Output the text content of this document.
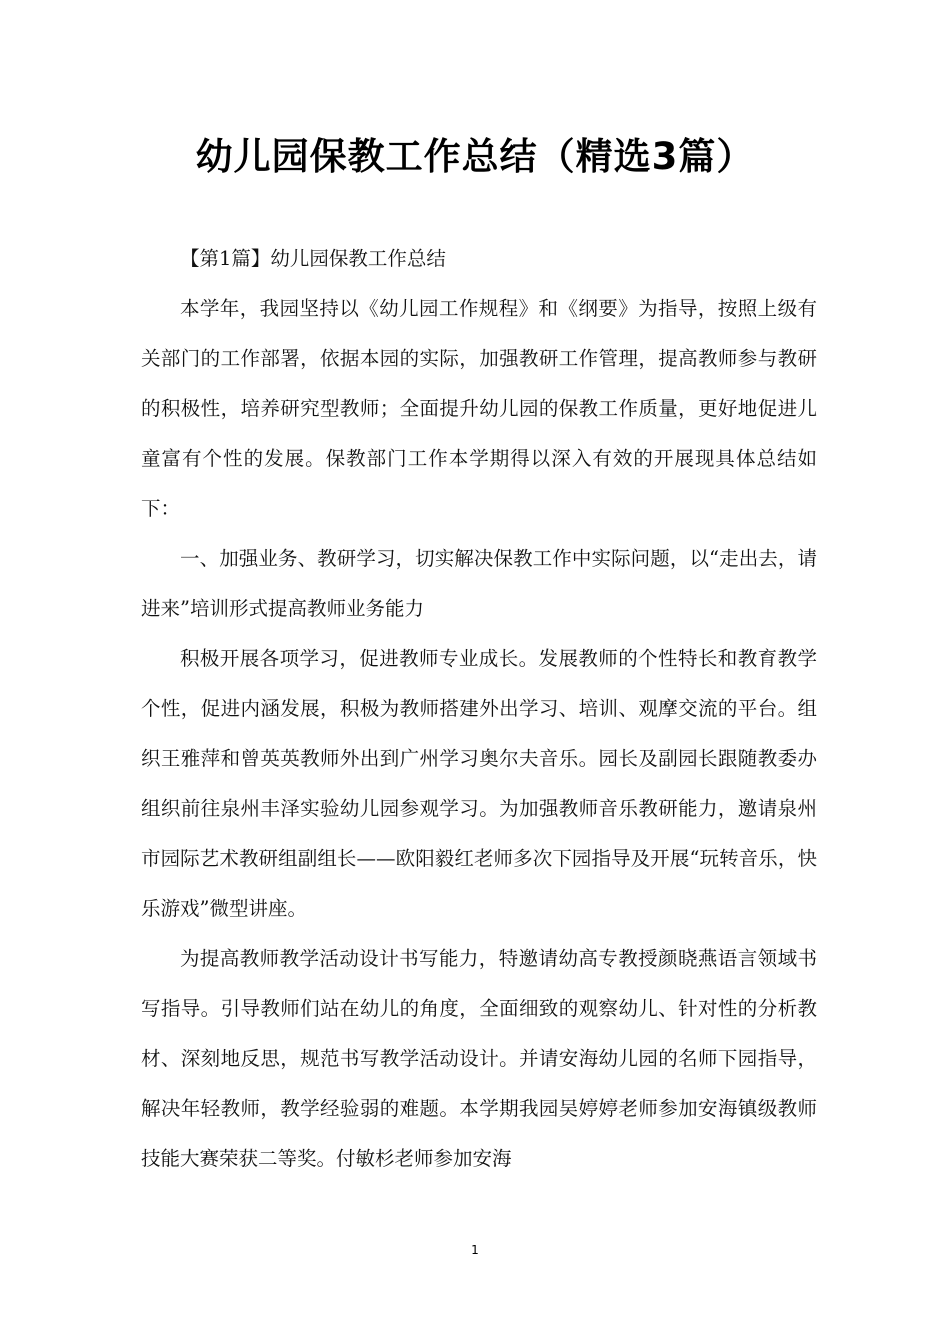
幼儿园保教工作总结（精选3篇）

【第1篇】幼儿园保教工作总结

本学年，我园坚持以《幼儿园工作规程》和《纲要》为指导，按照上级有关部门的工作部署，依据本园的实际，加强教研工作管理，提高教师参与教研的积极性，培养研究型教师；全面提升幼儿园的保教工作质量，更好地促进儿童富有个性的发展。保教部门工作本学期得以深入有效的开展现具体总结如下：

一、加强业务、教研学习，切实解决保教工作中实际问题，以“走出去，请进来”培训形式提高教师业务能力

积极开展各项学习，促进教师专业成长。发展教师的个性特长和教育教学个性，促进内涵发展，积极为教师搭建外出学习、培训、观摩交流的平台。组织王雅萍和曾英英教师外出到广州学习奥尔夫音乐。园长及副园长跟随教委办组织前往泉州丰泽实验幼儿园参观学习。为加强教师音乐教研能力，邀请泉州市园际艺术教研组副组长——欧阳毅红老师多次下园指导及开展“玩转音乐，快乐游戏”微型讲座。

为提高教师教学活动设计书写能力，特邀请幼高专教授颜晓燕语言领域书写指导。引导教师们站在幼儿的角度，全面细致的观察幼儿、针对性的分析教材、深刻地反思，规范书写教学活动设计。并请安海幼儿园的名师下园指导，解决年轻教师，教学经验弱的难题。本学期我园吴婷婷老师参加安海镇级教师技能大赛荣获二等奖。付敏杉老师参加安海

1
